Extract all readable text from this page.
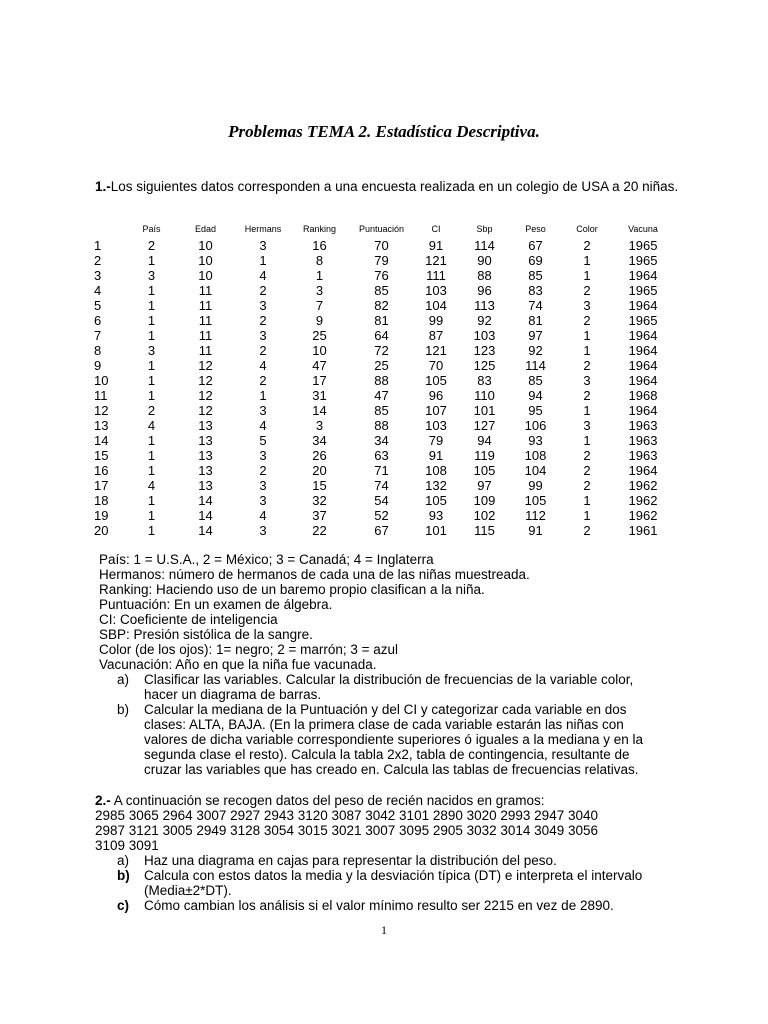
Problemas TEMA 2. Estadística Descriptiva.
1.-Los siguientes datos corresponden a una encuesta realizada en un colegio de USA a 20 niñas.
	País	Edad	Hermans	Ranking	Puntuación	CI	Sbp	Peso	Color	Vacuna
1	2	10	3	16	70	91	114	67	2	1965
2	1	10	1	8	79	121	90	69	1	1965
3	3	10	4	1	76	111	88	85	1	1964
4	1	11	2	3	85	103	96	83	2	1965
5	1	11	3	7	82	104	113	74	3	1964
6	1	11	2	9	81	99	92	81	2	1965
7	1	11	3	25	64	87	103	97	1	1964
8	3	11	2	10	72	121	123	92	1	1964
9	1	12	4	47	25	70	125	114	2	1964
10	1	12	2	17	88	105	83	85	3	1964
11	1	12	1	31	47	96	110	94	2	1968
12	2	12	3	14	85	107	101	95	1	1964
13	4	13	4	3	88	103	127	106	3	1963
14	1	13	5	34	34	79	94	93	1	1963
15	1	13	3	26	63	91	119	108	2	1963
16	1	13	2	20	71	108	105	104	2	1964
17	4	13	3	15	74	132	97	99	2	1962
18	1	14	3	32	54	105	109	105	1	1962
19	1	14	4	37	52	93	102	112	1	1962
20	1	14	3	22	67	101	115	91	2	1961
País: 1 = U.S.A., 2 = México; 3 = Canadá; 4 = Inglaterra
Hermanos: número de hermanos de cada una de las niñas muestreada.
Ranking: Haciendo uso de un baremo propio clasifican a la niña.
Puntuación: En un examen de álgebra.
CI: Coeficiente de inteligencia
SBP: Presión sistólica de la sangre.
Color (de los ojos): 1= negro; 2 = marrón; 3 = azul
Vacunación: Año en que la niña fue vacunada.
a) Clasificar las variables. Calcular la distribución de frecuencias de la variable color, hacer un diagrama de barras.
b) Calcular la mediana de la Puntuación y del CI y categorizar cada variable en dos clases: ALTA, BAJA. (En la primera clase de cada variable estarán las niñas con valores de dicha variable correspondiente superiores ó iguales a la mediana y en la segunda clase el resto). Calcula la tabla 2x2, tabla de contingencia, resultante de cruzar las variables que has creado en. Calcula las tablas de frecuencias relativas.
2.- A continuación se recogen datos del peso de recién nacidos en gramos:
2985 3065 2964 3007 2927 2943 3120 3087 3042 3101 2890 3020 2993 2947 3040
2987 3121 3005 2949 3128 3054 3015 3021 3007 3095 2905 3032 3014 3049 3056
3109 3091
a) Haz una diagrama en cajas para representar la distribución del peso.
b) Calcula con estos datos la media y la desviación típica (DT) e interpreta el intervalo (Media±2*DT).
c) Cómo cambian los análisis si el valor mínimo resulto ser 2215 en vez de 2890.
1
